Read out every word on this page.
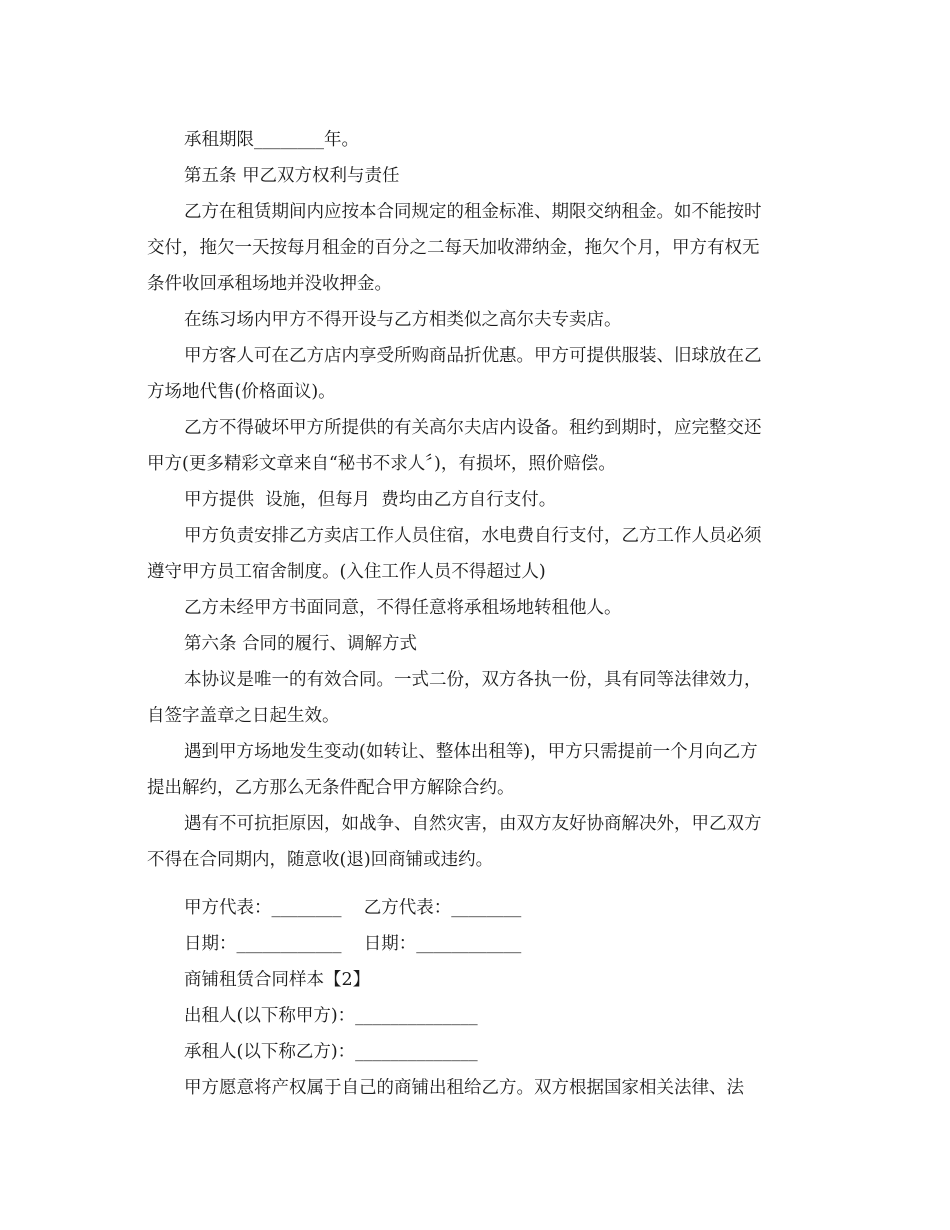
承租期限________年。
第五条 甲乙双方权利与责任
乙方在租赁期间内应按本合同规定的租金标准、期限交纳租金。如不能按时
交付，拖欠一天按每月租金的百分之二每天加收滞纳金，拖欠个月，甲方有权无
条件收回承租场地并没收押金。
在练习场内甲方不得开设与乙方相类似之高尔夫专卖店。
甲方客人可在乙方店内享受所购商品折优惠。甲方可提供服装、旧球放在乙
方场地代售(价格面议)。
乙方不得破坏甲方所提供的有关高尔夫店内设备。租约到期时，应完整交还
甲方(更多精彩文章来自“秘书不求人〞)，有损坏，照价赔偿。
甲方提供  设施，但每月  费均由乙方自行支付。
甲方负责安排乙方卖店工作人员住宿，水电费自行支付，乙方工作人员必须
遵守甲方员工宿舍制度。(入住工作人员不得超过人)
乙方未经甲方书面同意，不得任意将承租场地转租他人。
第六条 合同的履行、调解方式
本协议是唯一的有效合同。一式二份，双方各执一份，具有同等法律效力，
自签字盖章之日起生效。
遇到甲方场地发生变动(如转让、整体出租等)，甲方只需提前一个月向乙方
提出解约，乙方那么无条件配合甲方解除合约。
遇有不可抗拒原因，如战争、自然灾害，由双方友好协商解决外，甲乙双方
不得在合同期内，随意收(退)回商铺或违约。
甲方代表：________    乙方代表：________
日期：____________    日期：____________
商铺租赁合同样本【2】
出租人(以下称甲方)：______________
承租人(以下称乙方)：______________
甲方愿意将产权属于自己的商铺出租给乙方。双方根据国家相关法律、法
